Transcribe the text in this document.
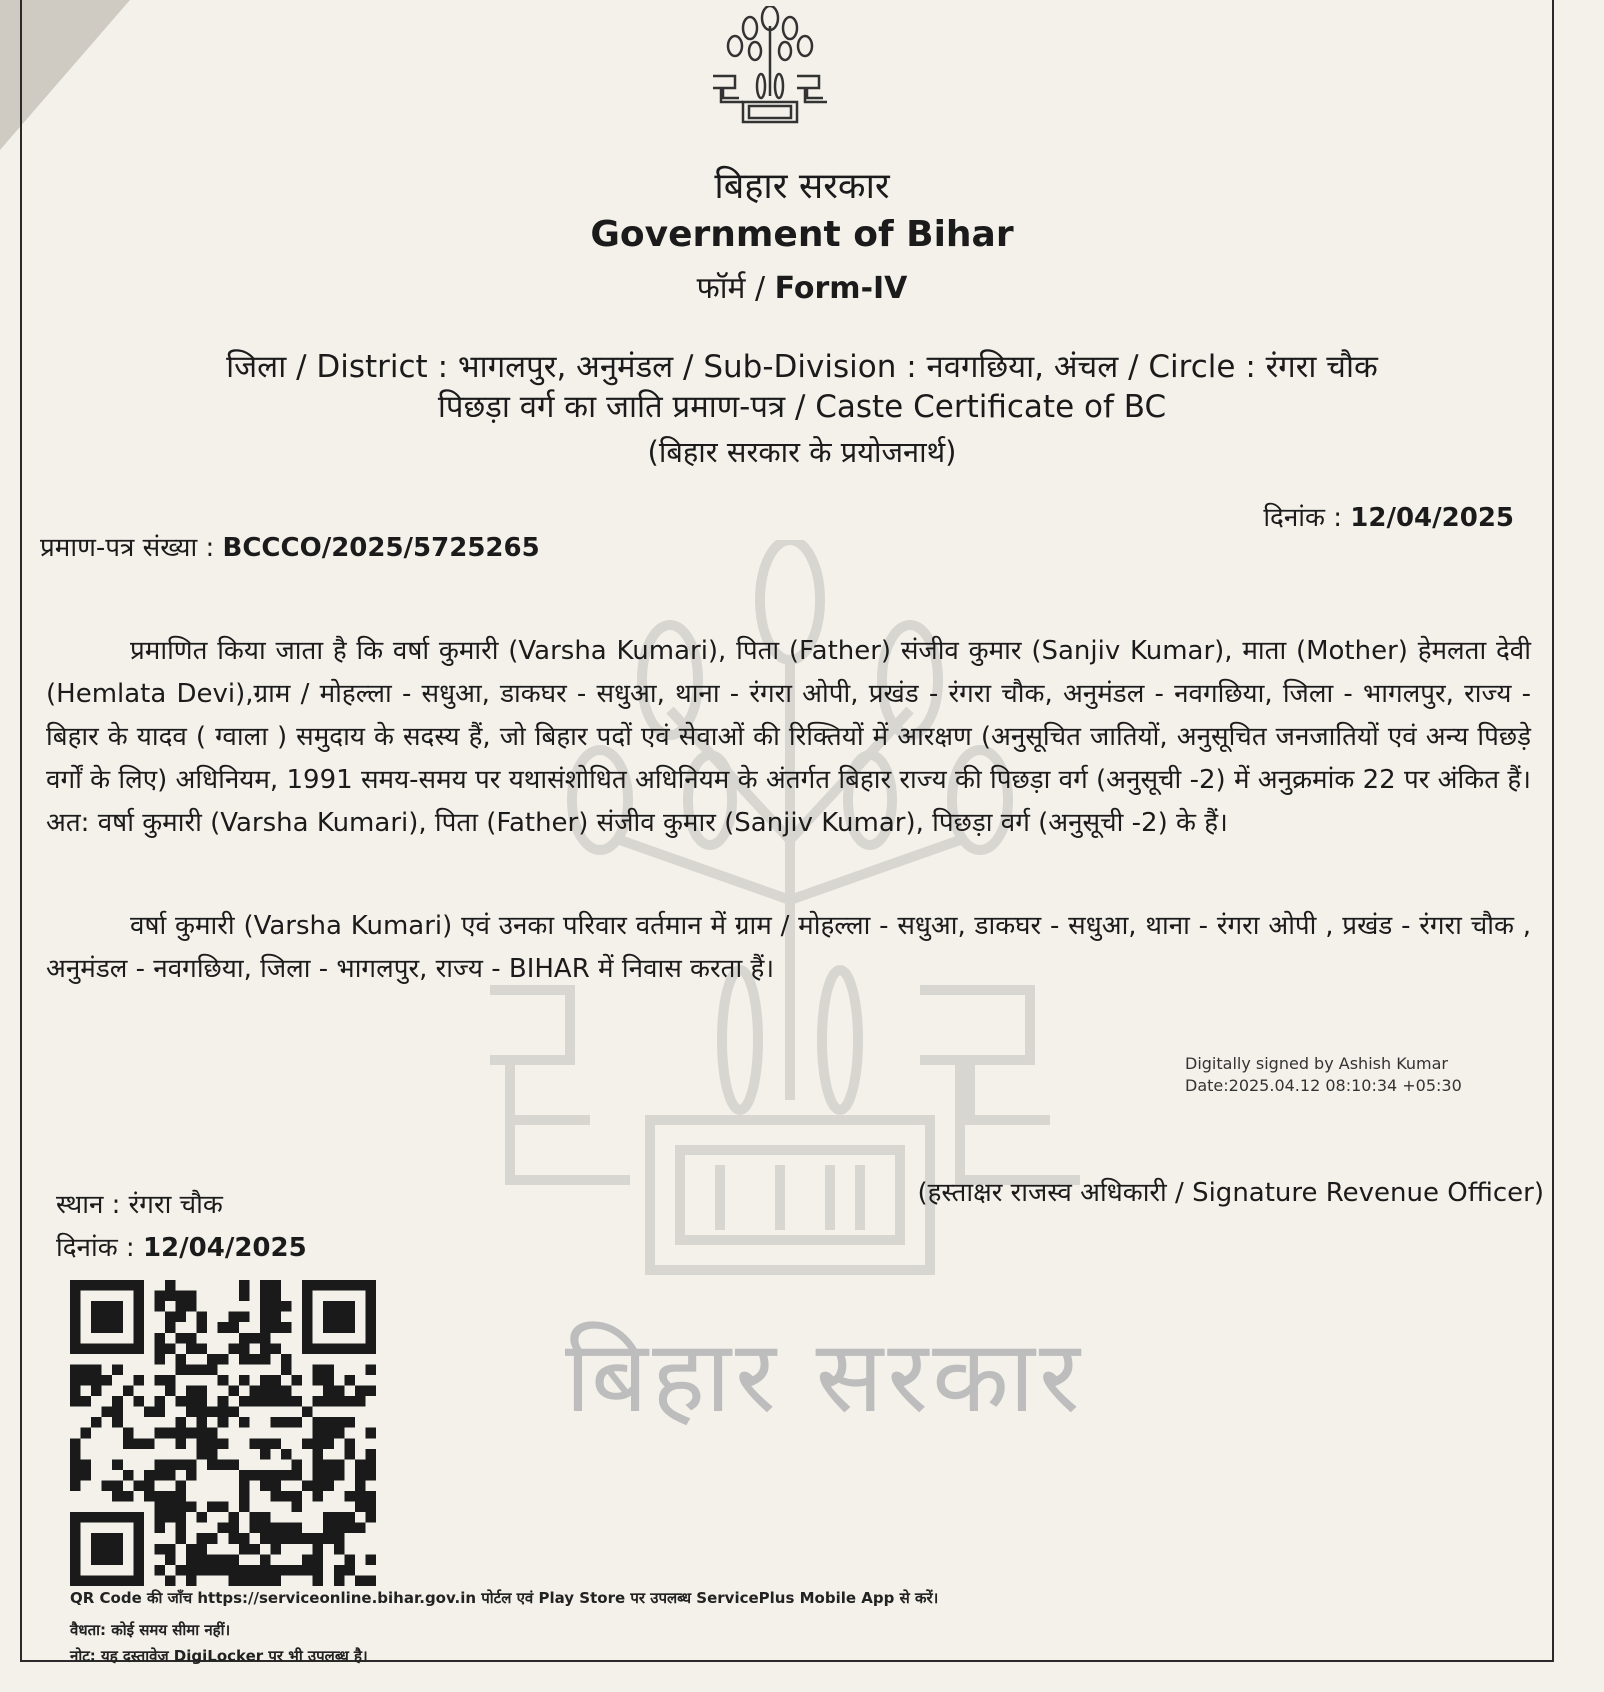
बिहार सरकार
बिहार सरकार
Government of Bihar
फॉर्म / Form-IV
जिला / District : भागलपुर, अनुमंडल / Sub-Division : नवगछिया, अंचल / Circle : रंगरा चौक
पिछड़ा वर्ग का जाति प्रमाण-पत्र / Caste Certificate of BC
(बिहार सरकार के प्रयोजनार्थ)
दिनांक : 12/04/2025
प्रमाण-पत्र संख्या : BCCCO/2025/5725265
प्रमाणित किया जाता है कि वर्षा कुमारी (Varsha Kumari), पिता (Father) संजीव कुमार (Sanjiv Kumar), माता (Mother) हेमलता देवी (Hemlata Devi),ग्राम / मोहल्ला - सधुआ, डाकघर - सधुआ, थाना - रंगरा ओपी, प्रखंड - रंगरा चौक, अनुमंडल - नवगछिया, जिला - भागलपुर, राज्य - बिहार के यादव ( ग्वाला ) समुदाय के सदस्य हैं, जो बिहार पदों एवं सेवाओं की रिक्तियों में आरक्षण (अनुसूचित जातियों, अनुसूचित जनजातियों एवं अन्य पिछड़े वर्गों के लिए) अधिनियम, 1991 समय-समय पर यथासंशोधित अधिनियम के अंतर्गत बिहार राज्य की पिछड़ा वर्ग (अनुसूची -2) में अनुक्रमांक 22 पर अंकित हैं। अत: वर्षा कुमारी (Varsha Kumari), पिता (Father) संजीव कुमार (Sanjiv Kumar), पिछड़ा वर्ग (अनुसूची -2) के हैं।
वर्षा कुमारी (Varsha Kumari) एवं उनका परिवार वर्तमान में ग्राम / मोहल्ला - सधुआ, डाकघर - सधुआ, थाना - रंगरा ओपी , प्रखंड - रंगरा चौक , अनुमंडल - नवगछिया, जिला - भागलपुर, राज्य - BIHAR में निवास करता हैं।
Digitally signed by Ashish Kumar
Date:2025.04.12 08:10:34 +05:30
(हस्ताक्षर राजस्व अधिकारी / Signature Revenue Officer)
स्थान : रंगरा चौक
दिनांक : 12/04/2025
QR Code की जाँच https://serviceonline.bihar.gov.in पोर्टल एवं Play Store पर उपलब्ध ServicePlus Mobile App से करें।
वैधता: कोई समय सीमा नहीं।
नोट: यह दस्तावेज DigiLocker पर भी उपलब्ध है।
